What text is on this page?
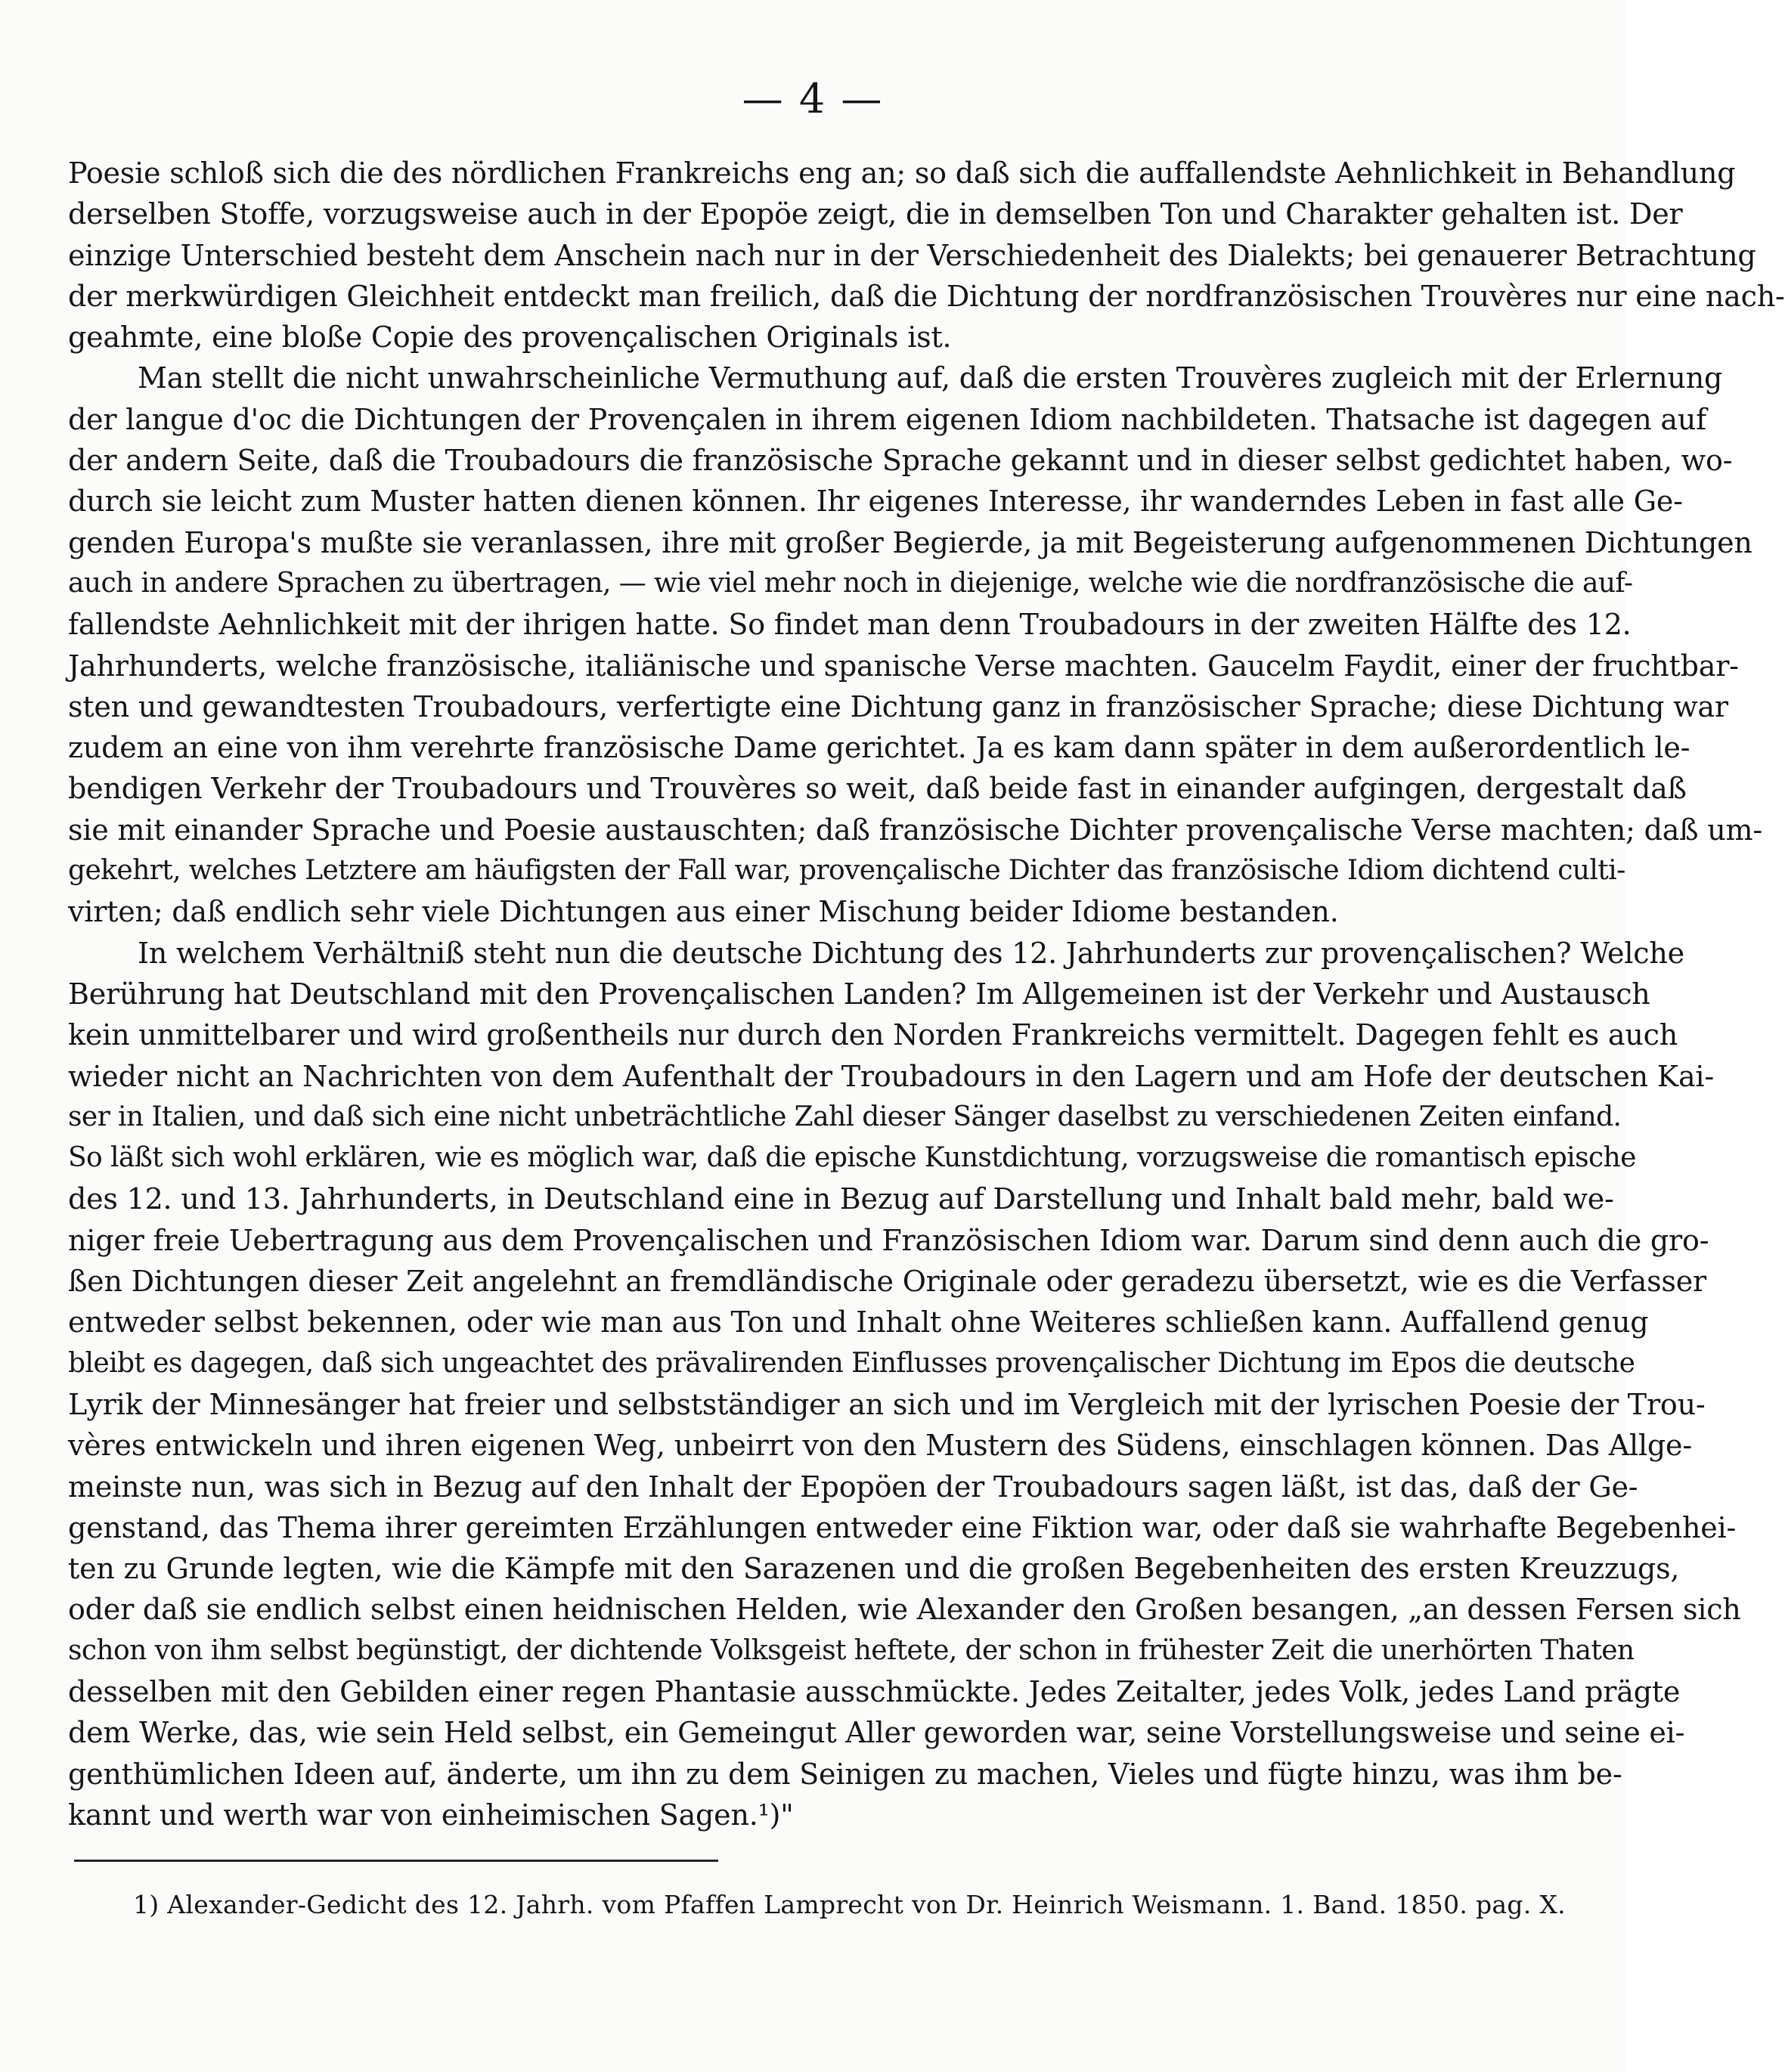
— 4 —
Poesie schloß sich die des nördlichen Frankreichs eng an; so daß sich die auffallendste Aehnlichkeit in Behandlung
derselben Stoffe, vorzugsweise auch in der Epopöe zeigt, die in demselben Ton und Charakter gehalten ist. Der
einzige Unterschied besteht dem Anschein nach nur in der Verschiedenheit des Dialekts; bei genauerer Betrachtung
der merkwürdigen Gleichheit entdeckt man freilich, daß die Dichtung der nordfranzösischen Trouvères nur eine nach-
geahmte, eine bloße Copie des provençalischen Originals ist.
Man stellt die nicht unwahrscheinliche Vermuthung auf, daß die ersten Trouvères zugleich mit der Erlernung
der langue d'oc die Dichtungen der Provençalen in ihrem eigenen Idiom nachbildeten. Thatsache ist dagegen auf
der andern Seite, daß die Troubadours die französische Sprache gekannt und in dieser selbst gedichtet haben, wo-
durch sie leicht zum Muster hatten dienen können. Ihr eigenes Interesse, ihr wanderndes Leben in fast alle Ge-
genden Europa's mußte sie veranlassen, ihre mit großer Begierde, ja mit Begeisterung aufgenommenen Dichtungen
auch in andere Sprachen zu übertragen, — wie viel mehr noch in diejenige, welche wie die nordfranzösische die auf-
fallendste Aehnlichkeit mit der ihrigen hatte. So findet man denn Troubadours in der zweiten Hälfte des 12.
Jahrhunderts, welche französische, italiänische und spanische Verse machten. Gaucelm Faydit, einer der fruchtbar-
sten und gewandtesten Troubadours, verfertigte eine Dichtung ganz in französischer Sprache; diese Dichtung war
zudem an eine von ihm verehrte französische Dame gerichtet. Ja es kam dann später in dem außerordentlich le-
bendigen Verkehr der Troubadours und Trouvères so weit, daß beide fast in einander aufgingen, dergestalt daß
sie mit einander Sprache und Poesie austauschten; daß französische Dichter provençalische Verse machten; daß um-
gekehrt, welches Letztere am häufigsten der Fall war, provençalische Dichter das französische Idiom dichtend culti-
virten; daß endlich sehr viele Dichtungen aus einer Mischung beider Idiome bestanden.
In welchem Verhältniß steht nun die deutsche Dichtung des 12. Jahrhunderts zur provençalischen? Welche
Berührung hat Deutschland mit den Provençalischen Landen? Im Allgemeinen ist der Verkehr und Austausch
kein unmittelbarer und wird großentheils nur durch den Norden Frankreichs vermittelt. Dagegen fehlt es auch
wieder nicht an Nachrichten von dem Aufenthalt der Troubadours in den Lagern und am Hofe der deutschen Kai-
ser in Italien, und daß sich eine nicht unbeträchtliche Zahl dieser Sänger daselbst zu verschiedenen Zeiten einfand.
So läßt sich wohl erklären, wie es möglich war, daß die epische Kunstdichtung, vorzugsweise die romantisch epische
des 12. und 13. Jahrhunderts, in Deutschland eine in Bezug auf Darstellung und Inhalt bald mehr, bald we-
niger freie Uebertragung aus dem Provençalischen und Französischen Idiom war. Darum sind denn auch die gro-
ßen Dichtungen dieser Zeit angelehnt an fremdländische Originale oder geradezu übersetzt, wie es die Verfasser
entweder selbst bekennen, oder wie man aus Ton und Inhalt ohne Weiteres schließen kann. Auffallend genug
bleibt es dagegen, daß sich ungeachtet des prävalirenden Einflusses provençalischer Dichtung im Epos die deutsche
Lyrik der Minnesänger hat freier und selbstständiger an sich und im Vergleich mit der lyrischen Poesie der Trou-
vères entwickeln und ihren eigenen Weg, unbeirrt von den Mustern des Südens, einschlagen können. Das Allge-
meinste nun, was sich in Bezug auf den Inhalt der Epopöen der Troubadours sagen läßt, ist das, daß der Ge-
genstand, das Thema ihrer gereimten Erzählungen entweder eine Fiktion war, oder daß sie wahrhafte Begebenhei-
ten zu Grunde legten, wie die Kämpfe mit den Sarazenen und die großen Begebenheiten des ersten Kreuzzugs,
oder daß sie endlich selbst einen heidnischen Helden, wie Alexander den Großen besangen, „an dessen Fersen sich
schon von ihm selbst begünstigt, der dichtende Volksgeist heftete, der schon in frühester Zeit die unerhörten Thaten
desselben mit den Gebilden einer regen Phantasie ausschmückte. Jedes Zeitalter, jedes Volk, jedes Land prägte
dem Werke, das, wie sein Held selbst, ein Gemeingut Aller geworden war, seine Vorstellungsweise und seine ei-
genthümlichen Ideen auf, änderte, um ihn zu dem Seinigen zu machen, Vieles und fügte hinzu, was ihm be-
kannt und werth war von einheimischen Sagen.¹)"
1) Alexander-Gedicht des 12. Jahrh. vom Pfaffen Lamprecht von Dr. Heinrich Weismann. 1. Band. 1850. pag. X.
